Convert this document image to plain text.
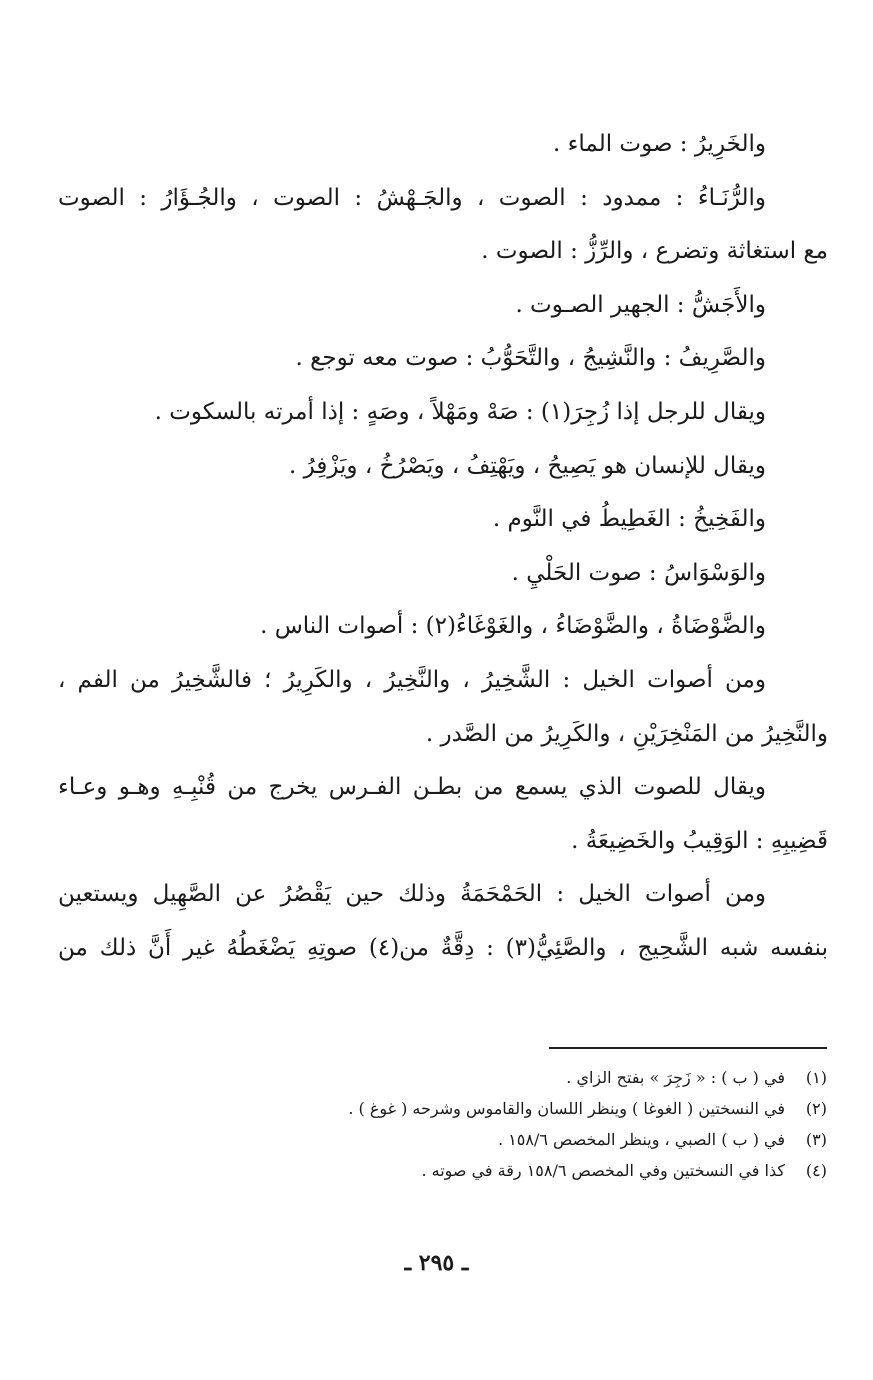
والخَرِيرُ : صوت الماء .
والرُّنَـاءُ : ممدود : الصوت ، والجَـهْشُ : الصوت ، والجُـؤَارُ : الصوت
مع استغاثة وتضرع ، والرِّزُّ : الصوت .
والأَجَشُّ : الجهير الصـوت .
والصَّرِيفُ : والنَّشِيجُ ، والتَّحَوُّبُ : صوت معه توجع .
ويقال للرجل إذا زُجِرَ(١) : صَهْ ومَهْلاً ، وصَهٍ : إذا أمرته بالسكوت .
ويقال للإنسان هو يَصِيحُ ، ويَهْتِفُ ، ويَصْرُخُ ، ويَزْفِرُ .
والفَخِيخُ : الغَطِيطُ في النَّوم .
والوَسْوَاسُ : صوت الحَلْيِ .
والضَّوْضَاةُ ، والضَّوْضَاءُ ، والغَوْغَاءُ(٢) : أصوات الناس .
ومن أصوات الخيل : الشَّخِيرُ ، والنَّخِيرُ ، والكَرِيرُ ؛ فالشَّخِيرُ من الفم ،
والنَّخِيرُ من المَنْخِرَيْنِ ، والكَرِيرُ من الصَّدر .
ويقال للصوت الذي يسمع من بطـن الفـرس يخرج من قُنْبِـهِ وهـو وعـاء
قَضِيبِهِ : الوَقِيبُ والخَضِيعَةُ .
ومن أصوات الخيل : الحَمْحَمَةُ وذلك حين يَقْصُرُ عن الصَّهِيل ويستعين
بنفسه شبه الشَّحِيج ، والصَّئِيُّ(٣) : دِقَّةٌ من(٤) صوتِهِ يَضْغَطُهُ غير أَنَّ ذلك من
(١)
في ( ب ) : « زَجِرَ » بفتح الزاي .
(٢)
في النسختين ( الغوغا ) وينظر اللسان والقاموس وشرحه ( غوغ ) .
(٣)
في ( ب ) الصبي ، وينظر المخصص ١٥٨/٦ .
(٤)
كذا في النسختين وفي المخصص ١٥٨/٦ رقة في صوته .
ـ ٢٩٥ ـ
